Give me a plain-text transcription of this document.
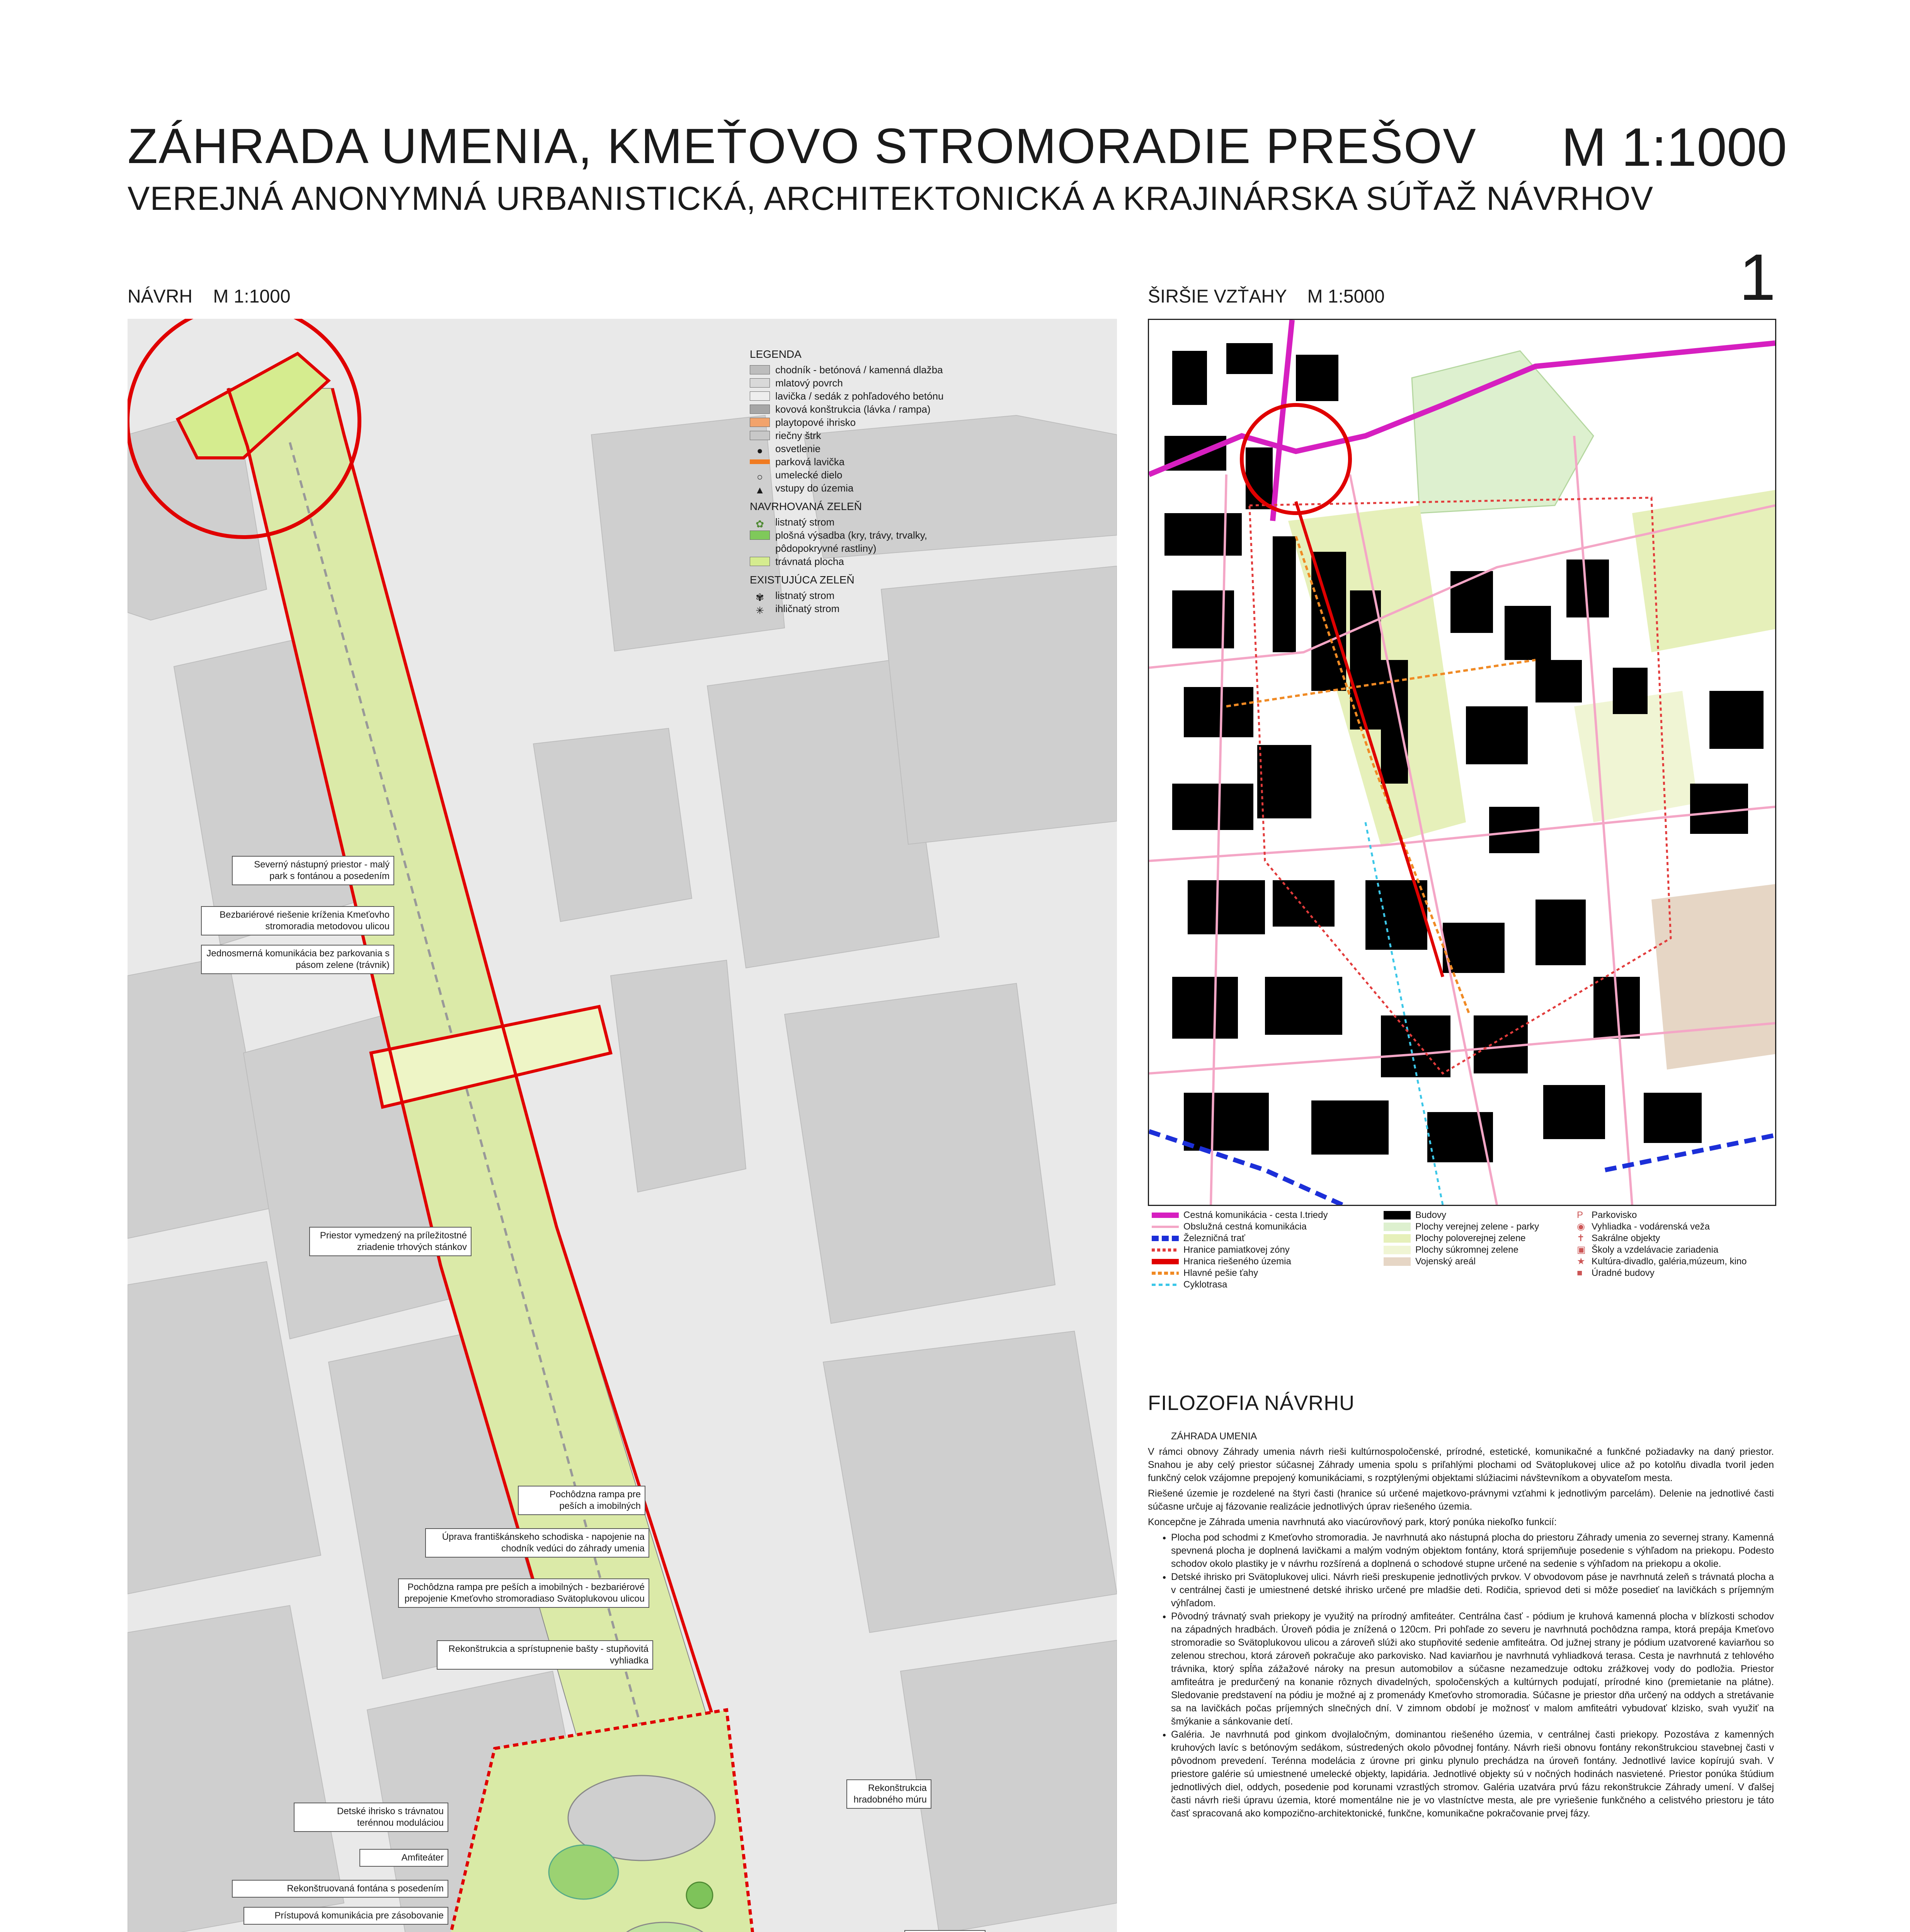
ZÁHRADA UMENIA, KMEŤOVO STROMORADIE PREŠOV
VEREJNÁ ANONYMNÁ URBANISTICKÁ, ARCHITEKTONICKÁ A KRAJINÁRSKA SÚŤAŽ NÁVRHOV
M 1:1000
1
NÁVRH M 1:1000
LEGENDA
chodník - betónová / kamenná dlažba
mlatový povrch
lavička / sedák z pohľadového betónu
kovová konštrukcia (lávka / rampa)
playtopové ihrisko
riečny štrk
●	osvetlenie
parková lavička
○	umelecké dielo
▲	vstupy do územia
NAVRHOVANÁ ZELEŇ
✿	listnatý strom
plošná výsadba (kry, trávy, trvalky, pôdopokryvné rastliny)
trávnatá plocha
EXISTUJÚCA ZELEŇ
✾	listnatý strom
✳	ihličnatý strom
Severný nástupný priestor - malý park s fontánou a posedením
Bezbariérové riešenie kríženia Kmeťovho stromoradia metodovou ulicou
Jednosmerná komunikácia bez parkovania s pásom zelene (trávnik)
Priestor vymedzený na príležitostné zriadenie trhových stánkov
Pochôdzna rampa pre peších a imobilných
Úprava františkánskeho schodiska - napojenie na chodník vedúci do záhrady umenia
Pochôdzna rampa pre peších a imobilných - bezbariérové prepojenie Kmeťovho stromoradiaso Svätoplukovou ulicou
Rekonštrukcia a sprístupnenie bašty - stupňovitá vyhliadka
Detské ihrisko s trávnatou terénnou moduláciou
Amfiteáter
Rekonštruovaná fontána s posedením
Prístupová komunikácia pre zásobovanie
Rekonštrukcia hradobného múru
ŠIRŠIE VZŤAHY M 1:5000
Cestná komunikácia - cesta I.triedy
Obslužná cestná komunikácia
Železničná trať
Hranice pamiatkovej zóny
Hranica riešeného územia
Hlavné pešie ťahy
Cyklotrasa
Budovy
Plochy verejnej zelene - parky
Plochy poloverejnej zelene
Plochy súkromnej zelene
Vojenský areál
P Parkovisko
◉ Vyhliadka - vodárenská veža
✝ Sakrálne objekty
▣ Školy a vzdelávacie zariadenia
★ Kultúra-divadlo, galéria,múzeum, kino
■ Úradné budovy
FILOZOFIA NÁVRHU

ZÁHRADA UMENIA

V rámci obnovy Záhrady umenia návrh rieši kultúrnospoločenské, prírodné, estetické, komunikačné a funkčné požiadavky na daný priestor. Snahou je aby celý priestor súčasnej Záhrady umenia spolu s priľahlými plochami od Svätoplukovej ulice až po kotolňu divadla tvoril jeden funkčný celok vzájomne prepojený komunikáciami, s rozptýlenými objektami slúžiacimi návštevníkom a obyvateľom mesta.

Riešené územie je rozdelené na štyri časti (hranice sú určené majetkovo-právnymi vzťahmi k jednotlivým parcelám). Delenie na jednotlivé časti súčasne určuje aj fázovanie realizácie jednotlivých úprav riešeného územia.

Koncepčne je Záhrada umenia navrhnutá ako viacúrovňový park, ktorý ponúka niekoľko funkcií:

• Plocha pod schodmi z Kmeťovho stromoradia. Je navrhnutá ako nástupná plocha do priestoru Záhrady umenia zo severnej strany. Kamenná spevnená plocha je doplnená lavičkami a malým vodným objektom fontány, ktorá sprijemňuje posedenie s výhľadom na priekopu. Podesto schodov okolo plastiky je v návrhu rozšírená a doplnená o schodové stupne určené na sedenie s výhľadom na priekopu a okolie.
• Detské ihrisko pri Svätoplukovej ulici. Návrh rieši preskupenie jednotlivých prvkov. V obvodovom páse je navrhnutá zeleň s trávnatá plocha a v centrálnej časti je umiestnené detské ihrisko určené pre mladšie deti. Rodičia, sprievod deti si môže posedieť na lavičkách s príjemným výhľadom.
• Pôvodný trávnatý svah priekopy je využitý na prírodný amfiteáter. Centrálna časť - pódium je kruhová kamenná plocha v blízkosti schodov na západných hradbách. Úroveň pódia je znížená o 120cm. Pri pohľade zo severu je navrhnutá pochôdzna rampa, ktorá prepája Kmeťovo stromoradie so Svätoplukovou ulicou a zároveň slúži ako stupňovité sedenie amfiteátra. Od južnej strany je pódium uzatvorené kaviarňou so zelenou strechou, ktorá zároveň pokračuje ako parkovisko. Nad kaviarňou je navrhnutá vyhliadková terasa. Cesta je navrhnutá z tehlového trávnika, ktorý spĺňa zážažové nároky na presun automobilov a súčasne nezamedzuje odtoku zrážkovej vody do podložia. Priestor amfiteátra je predurčený na konanie rôznych divadelných, spoločenských a kultúrnych podujatí, prírodné kino (premietanie na plátne). Sledovanie predstavení na pódiu je možné aj z promenády Kmeťovho stromoradia. Súčasne je priestor dňa určený na oddych a stretávanie sa na lavičkách počas príjemných slnečných dní. V zimnom období je možnosť v malom amfiteátri vybudovať klzisko, svah využiť na šmýkanie a sánkovanie detí.
• Galéria. Je navrhnutá pod ginkom dvojlaločným, dominantou riešeného územia, v centrálnej časti priekopy. Pozostáva z kamenných kruhových lavíc s betónovým sedákom, sústredených okolo pôvodnej fontány. Návrh rieši obnovu fontány rekonštrukciou stavebnej časti v pôvodnom prevedení. Terénna modelácia z úrovne pri ginku plynulo prechádza na úroveň fontány. Jednotlivé lavice kopírujú svah. V priestore galérie sú umiestnené umelecké objekty, lapidária. Jednotlivé objekty sú v nočných hodinách nasvietené. Priestor ponúka štúdium jednotlivých diel, oddych, posedenie pod korunami vzrastlých stromov. Galéria uzatvára prvú fázu rekonštrukcie Záhrady umení. V ďalšej časti návrh rieši úpravu územia, ktoré momentálne nie je vo vlastníctve mesta, ale pre vyriešenie funkčného a celistvého priestoru je táto časť spracovaná ako kompozično-architektonické, funkčne, komunikačne pokračovanie prvej fázy.
